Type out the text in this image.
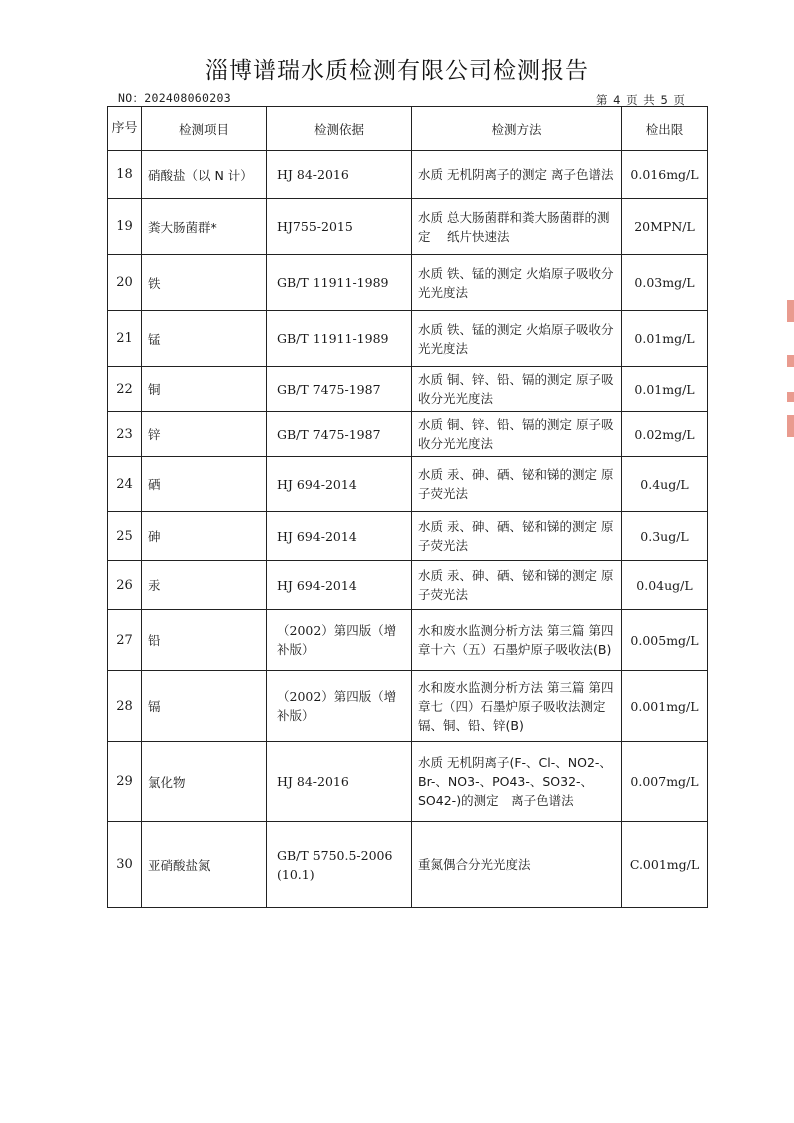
淄博谱瑞水质检测有限公司检测报告
NO：202408060203	第 4 页 共 5 页
序号	检测项目	检测依据	检测方法	检出限
18	硝酸盐（以 N 计）	HJ 84-2016	水质 无机阴离子的测定 离子色谱法	0.016mg/L
19	粪大肠菌群*	HJ755-2015	水质 总大肠菌群和粪大肠菌群的测定　 纸片快速法	20MPN/L
20	铁	GB/T 11911-1989	水质 铁、锰的测定 火焰原子吸收分光光度法	0.03mg/L
21	锰	GB/T 11911-1989	水质 铁、锰的测定 火焰原子吸收分光光度法	0.01mg/L
22	铜	GB/T 7475-1987	水质 铜、锌、铅、镉的测定 原子吸收分光光度法	0.01mg/L
23	锌	GB/T 7475-1987	水质 铜、锌、铅、镉的测定 原子吸收分光光度法	0.02mg/L
24	硒	HJ 694-2014	水质 汞、砷、硒、铋和锑的测定 原子荧光法	0.4ug/L
25	砷	HJ 694-2014	水质 汞、砷、硒、铋和锑的测定 原子荧光法	0.3ug/L
26	汞	HJ 694-2014	水质 汞、砷、硒、铋和锑的测定 原子荧光法	0.04ug/L
27	铅	（2002）第四版（增补版）	水和废水监测分析方法 第三篇 第四章十六（五）石墨炉原子吸收法(B)	0.005mg/L
28	镉	（2002）第四版（增补版）	水和废水监测分析方法 第三篇 第四章七（四）石墨炉原子吸收法测定镉、铜、铅、锌(B)	0.001mg/L
29	氯化物	HJ 84-2016	水质 无机阴离子(F-、Cl-、NO2-、Br-、NO3-、PO43-、SO32-、SO42-)的测定　离子色谱法	0.007mg/L
30	亚硝酸盐氮	GB/T 5750.5-2006 (10.1)	重氮偶合分光光度法	C.001mg/L
